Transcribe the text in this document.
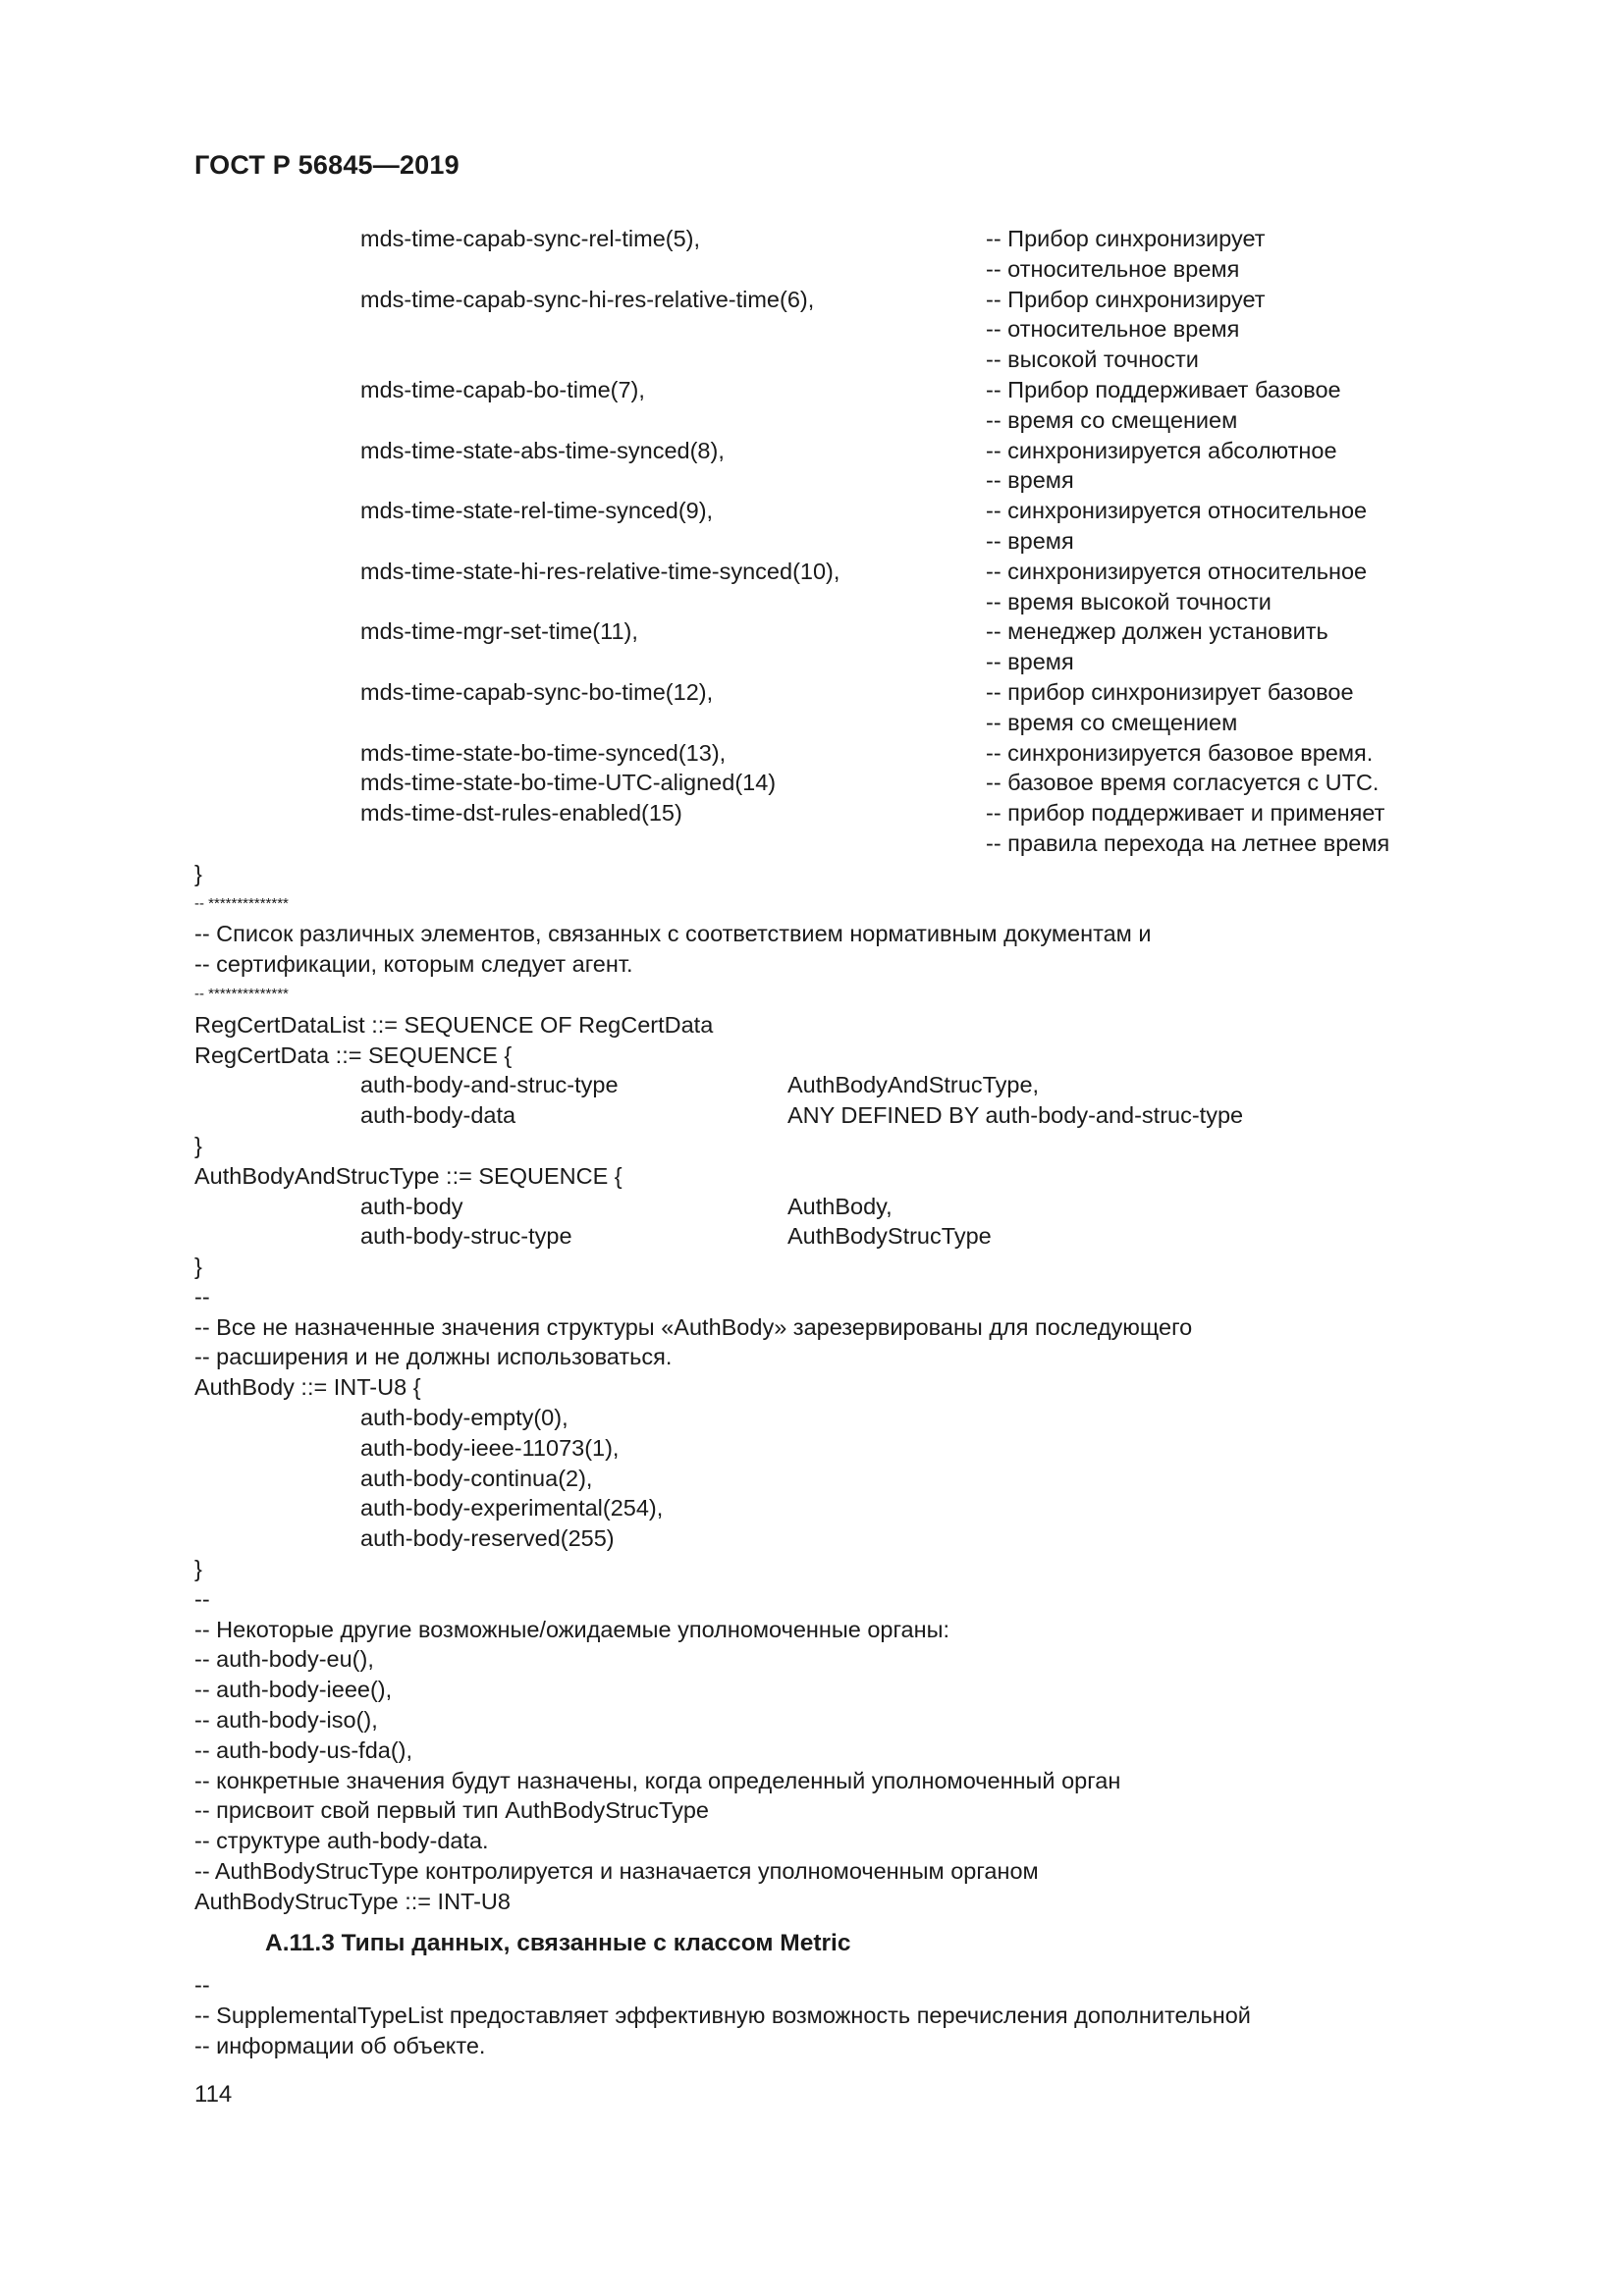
ГОСТ Р 56845—2019
mds-time-capab-sync-rel-time(5),	-- Прибор синхронизирует
-- относительное время
mds-time-capab-sync-hi-res-relative-time(6),	-- Прибор синхронизирует
-- относительное время
-- высокой точности
mds-time-capab-bo-time(7),	-- Прибор поддерживает базовое
-- время со смещением
mds-time-state-abs-time-synced(8),	-- синхронизируется абсолютное
-- время
mds-time-state-rel-time-synced(9),	-- синхронизируется относительное
-- время
mds-time-state-hi-res-relative-time-synced(10),	-- синхронизируется относительное
-- время высокой точности
mds-time-mgr-set-time(11),	-- менеджер должен установить
-- время
mds-time-capab-sync-bo-time(12),	-- прибор синхронизирует базовое
-- время со смещением
mds-time-state-bo-time-synced(13),	-- синхронизируется базовое время.
mds-time-state-bo-time-UTC-aligned(14)	-- базовое время согласуется с UTC.
mds-time-dst-rules-enabled(15)	-- прибор поддерживает и применяет
-- правила перехода на летнее время
}
-- **************
-- Список различных элементов, связанных с соответствием нормативным документам и
-- сертификации, которым следует агент.
-- **************
RegCertDataList ::= SEQUENCE OF RegCertData
RegCertData ::= SEQUENCE {
auth-body-and-struc-type	AuthBodyAndStrucType,
auth-body-data	ANY DEFINED BY auth-body-and-struc-type
}
AuthBodyAndStrucType ::= SEQUENCE {
auth-body	AuthBody,
auth-body-struc-type	AuthBodyStrucType
}
--
-- Все не назначенные значения структуры «AuthBody» зарезервированы для последующего
-- расширения и не должны использоваться.
AuthBody ::= INT-U8 {
auth-body-empty(0),
auth-body-ieee-11073(1),
auth-body-continua(2),
auth-body-experimental(254),
auth-body-reserved(255)
}
--
-- Некоторые другие возможные/ожидаемые уполномоченные органы:
-- auth-body-eu(),
-- auth-body-ieee(),
-- auth-body-iso(),
-- auth-body-us-fda(),
-- конкретные значения будут назначены, когда определенный уполномоченный орган
-- присвоит свой первый тип AuthBodyStrucType
-- структуре auth-body-data.
-- AuthBodyStrucType контролируется и назначается уполномоченным органом
AuthBodyStrucType ::= INT-U8
А.11.3 Типы данных, связанные с классом Metric
--
-- SupplementalTypeList предоставляет эффективную возможность перечисления дополнительной
-- информации об объекте.
114
